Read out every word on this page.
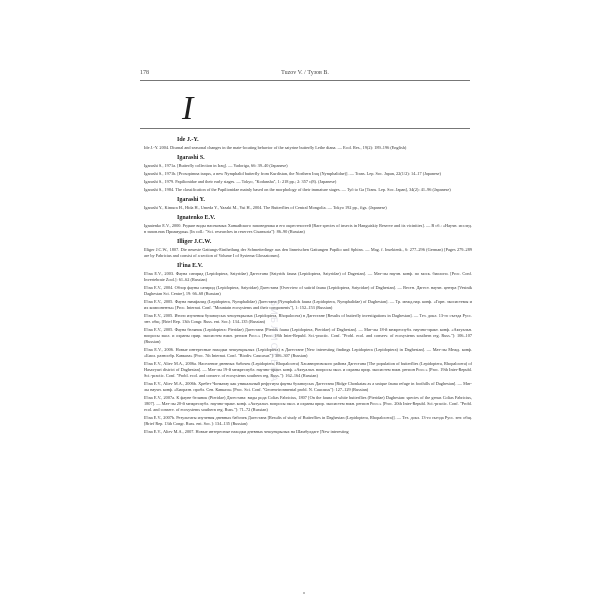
178	Tuzov V. / Тузов В.
I
Ide J.-Y.
Ide J.-Y. 2004. Diurnal and seasonal changes in the mate-locating behavior of the satyrine butterfly Lethe diana. — Ecol. Res., 19(2): 189–196 (English)
Igarashi S.
Igarashi S., 1971a. [Butterfly collection in Iraq]. — Yadoriga, 66: 39–40 (Japanese)
Igarashi S., 1971b. [Prosopimna iraqus, a new Nymphalid butterfly from Kurdistan, the Northern Iraq (Nymphalidae)]. — Trans. Lep. Soc. Japan, 22(1/2): 14–17 (Japanese)
Igarashi S., 1979. Papilionidae and their early stages. — Tokyo, "Kodansha", 1: 218 pp.; 2: 357 c(8). (Japanese)
Igarashi S., 1984. The classification of the Papilionidae mainly based on the morphology of their immature stages. — Tyō to Ga [Trans. Lep. Soc. Japan], 34(2): 41–96 (Japanese)
Igarashi Y.
Igarashi Y., Kimura H., Hida H., Umeda Y., Yazaki M., Yui H., 2004. The Butterflies of Central Mongolia. — Tokyo 192 pp., figs. (Japanese)
Ignatenko E.V.
Ignatenko E.V., 2000. Редкие виды насекомых Ханкайского заповедника и его окрестностей [Rare species of insects in Hanguiskiy Reserve and its vicinities]. — В сб.: «Научн. исслед. в запов.них Приамурья» [In coll.: "Sci. researches in reserves Cisamuria"]: 86–90 (Russian)
Illiger J.C.W.
Illiger J.C.W., 1807. Die neueste Gattungs-Eintheilung der Schmetterlinge aus den linneischen Gattungen Papilio und Sphinx. — Mag. f. Insektenk., 6: 277–296 (German) [Pages 279–289 are by Fabricius and consist of a section of Volume I of Systema Glossatorum].
Il'ina E.V.
Il'ina E.V., 2003. Фауна сатирид (Lepidoptera, Satyridae) Дагестана [Satyrids fauna (Lepidoptera, Satyridae) of Dagestan]. — Мат-лы научн. конф. по моск. биологи. [Proc. Conf. Invertebrate Zool.]: 61–62 (Russian)
Il'ina E.V., 2004. Обзор фауны сатирид (Lepidoptera, Satyridae) Дагестана [Overview of satirid fauna (Lepidoptera, Satyridae) of Daghestan]. — Вестн. Дагест. научн. центра [Vestnik Daghestan Sci. Centre], 19: 66–68 (Russian)
Il'ina E.V., 2005. Фауна нимфалид (Lepidoptera, Nymphalidae) Дагестана [Nymphalids fauna (Lepidoptera, Nymphalidae) of Daghestan]. — Тр. межд.нар. конф. «Горн. экосистемы и их компоненты» [Proc. Internat. Conf. "Mountain ecosystems and their components"], 1: 152–153 (Russian)
Il'ina E.V., 2005. Итоги изучения булавоусых чешуекрылых (Lepidoptera, Rhopalocera) в Дагестане [Results of butterfly investigations in Daghestan]. — Тез. докл. 13-го съезда Русс. энт. общ. [Brief Rep. 13th Congr. Russ. ent. Soc.]: 134–135 (Russian)
Il'ina E.V., 2005. Фауна белянок (Lepidoptera: Pieridae) Дагестана [Pierids fauna (Lepidoptera, Pieridae) of Daghestan]. — Мат-лы 18-й межреспубл. научно-практ. конф. «Актуальн. вопросы экол. и охраны прир. экосистем южн. регион Росс.» [Proc. 18th Inter-Republ. Sci.-practic. Conf. "Probl. ecol. and conserv. of ecosystems southern reg. Russ."]: 106–107 (Russian)
Il'ina E.V., 2006. Новые интересные находки чешуекрылых (Lepidoptera) в Дагестане [New interesting findings Lepidoptera (Lepidoptera) in Daghestan]. — Мат-лы Межд. конф. «Биол. разнообр. Кавказа» [Proc. 7th Internat. Conf. "Biodiv. Caucasus"]: 306–307 (Russian)
Il'ina E.V., Aliev M.A., 2006a. Население дневных бабочек (Lepidoptera, Rhopalocera) Хасавюртовского района Дагестана [The population of butterflies (Lepidoptera, Rhopalocera) of Hasavyurt district of Daghestan]. — Мат-лы 19-й межреспубл. научно-практ. конф. «Актуальн. вопросы экол. и охраны прир. экосистем южн. регион Росс.» [Proc. 19th Inter-Republ. Sci.-practic. Conf. "Probl. ecol. and conserv. of ecosystems southern reg. Russ."]: 162–164 (Russian)
Il'ina E.V., Aliev M.A., 2006b. Хребет Чонкатау как уникальный рефугиум фауны булавоусых Дагестана [Ridge Chonkatau as a unique fauna refuge in foothills of Daghestan]. — Мат-лы научн. конф. «Биоразн. пробл. Сев. Кавказа» [Proc. Sci. Conf. "Geoenvironmental probl. N. Caucasus"]: 127–129 (Russian)
Il'ina E.V., 2007a. К фауне белянок (Pieridae) Дагестана: виды рода Colias Fabricius, 1807 [On the fauna of white butterflies (Pieridae) Daghestan: species of the genus Colias Fabricius, 1807]. — Мат-лы 20-й межреспубл. научно-практ. конф. «Актуальн. вопросы экол. и охраны прир. экосистем южн. регион Росс.» [Proc. 20th Inter-Republ. Sci.-practic. Conf. "Probl. ecol. and conserv. of ecosystems southern reg. Russ."]: 71–72 (Russian)
Il'ina E.V., 2007b. Результаты изучения дневных бабочек Дагестана [Results of study of Butterflies in Daghestan (Lepidoptera, Rhopalocera)]. — Тез. докл. 13-го съезда Русс. энт. общ. [Brief Rep. 13th Congr. Russ. ent. Soc.]: 134–135 (Russian)
Il'ina E.V., Aliev M.A., 2007. Новые интересные находки дневных чешуекрылых на Шамбулдаге [New interesting
БИБЛИОТЕКА
